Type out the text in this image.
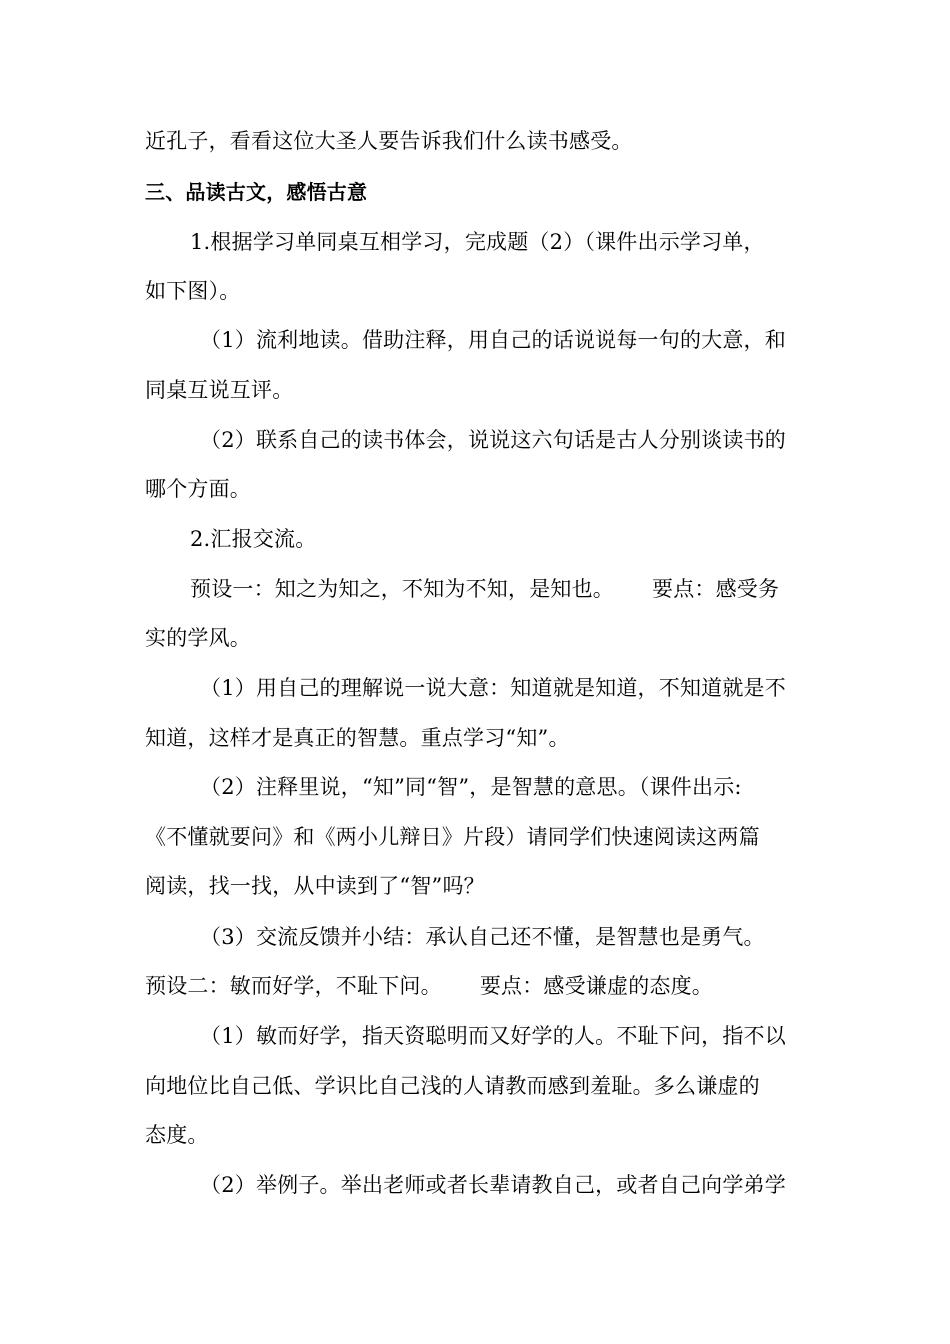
近孔子，看看这位大圣人要告诉我们什么读书感受。
三、品读古文，感悟古意
1.根据学习单同桌互相学习，完成题（2）（课件出示学习单，
如下图）。
（1）流利地读。借助注释，用自己的话说说每一句的大意，和
同桌互说互评。
（2）联系自己的读书体会，说说这六句话是古人分别谈读书的
哪个方面。
2.汇报交流。
预设一：知之为知之，不知为不知，是知也。 要点：感受务
实的学风。
（1）用自己的理解说一说大意：知道就是知道，不知道就是不
知道，这样才是真正的智慧。重点学习“知”。
（2）注释里说，“知”同“智”，是智慧的意思。（课件出示:
《不懂就要问》和《两小儿辩日》片段）请同学们快速阅读这两篇
阅读，找一找，从中读到了“智”吗？
（3）交流反馈并小结：承认自己还不懂，是智慧也是勇气。
预设二：敏而好学，不耻下问。 要点：感受谦虚的态度。
（1）敏而好学，指天资聪明而又好学的人。不耻下问，指不以
向地位比自己低、学识比自己浅的人请教而感到羞耻。多么谦虚的
态度。
（2）举例子。举出老师或者长辈请教自己，或者自己向学弟学
